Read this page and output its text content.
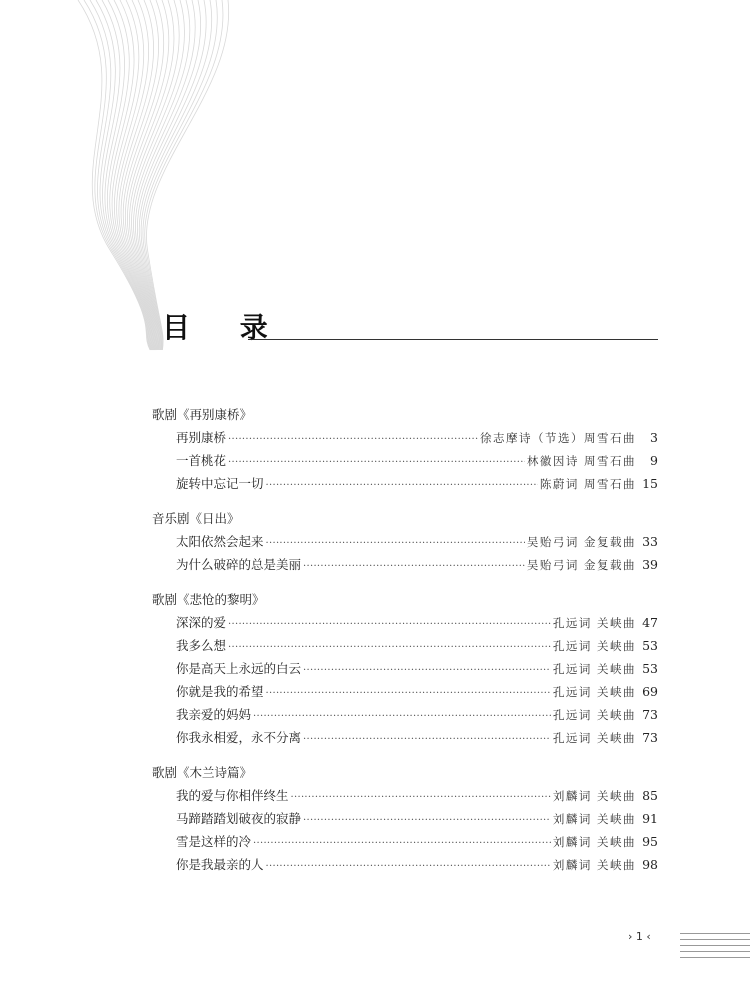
目 录
歌剧《再别康桥》
再别康桥 ·····	徐志摩诗（节选）周雪石曲	3
一首桃花 ·····	林徽因诗 周雪石曲	9
旋转中忘记一切 ·····	陈蔚词 周雪石曲 15
音乐剧《日出》
太阳依然会起来 ·····	吴贻弓词 金复载曲 33
为什么破碎的总是美丽 ·····	吴贻弓词 金复载曲 39
歌剧《悲怆的黎明》
深深的爱 ·····	孔远词 关峡曲 47
我多么想 ·····	孔远词 关峡曲 53
你是高天上永远的白云 ·····	孔远词 关峡曲 53
你就是我的希望 ·····	孔远词 关峡曲 69
我亲爱的妈妈 ·····	孔远词 关峡曲 73
你我永相爱，永不分离 ·····	孔远词 关峡曲 73
歌剧《木兰诗篇》
我的爱与你相伴终生 ·····	刘麟词 关峡曲 85
马蹄踏踏划破夜的寂静 ·····	刘麟词 关峡曲 91
雪是这样的冷 ·····	刘麟词 关峡曲 95
你是我最亲的人 ·····	刘麟词 关峡曲 98
› 1 ‹
